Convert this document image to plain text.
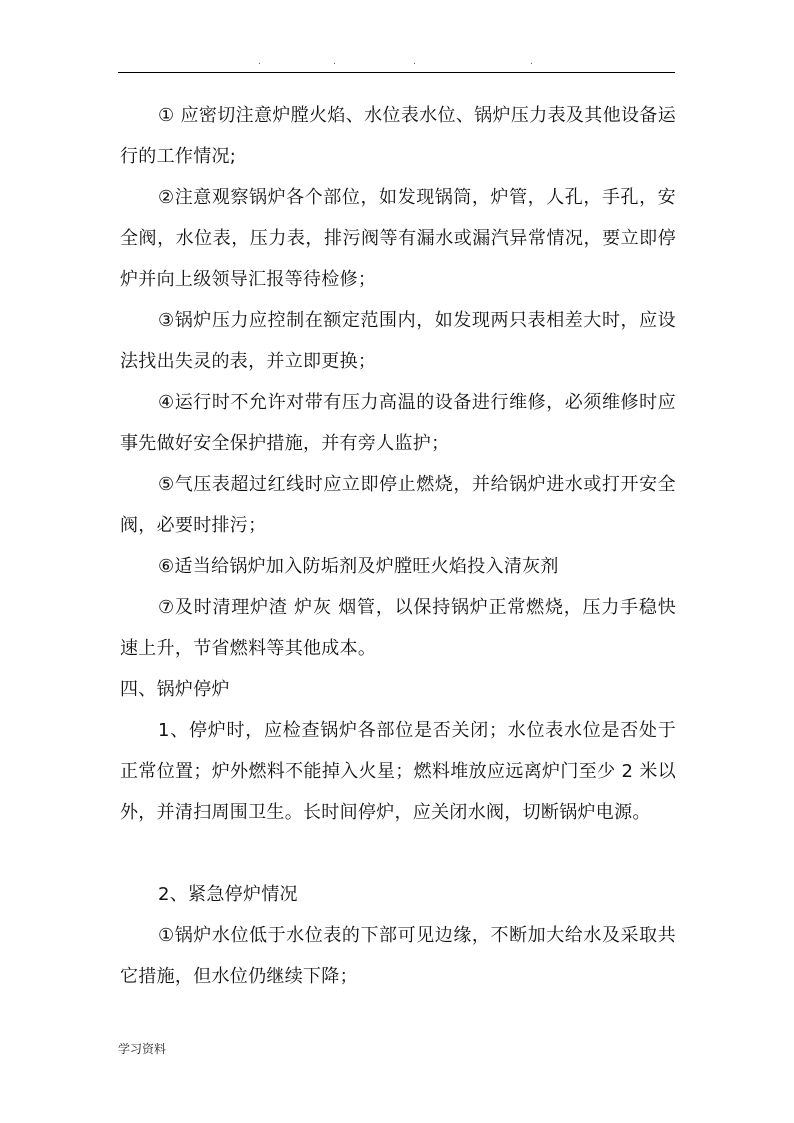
.	.	.	.

① 应密切注意炉膛火焰、水位表水位、锅炉压力表及其他设备运行的工作情况;

②注意观察锅炉各个部位，如发现锅筒，炉管，人孔，手孔，安全阀，水位表，压力表，排污阀等有漏水或漏汽异常情况，要立即停炉并向上级领导汇报等待检修；

③锅炉压力应控制在额定范围内，如发现两只表相差大时，应设法找出失灵的表，并立即更换；

④运行时不允许对带有压力高温的设备进行维修，必须维修时应事先做好安全保护措施，并有旁人监护；

⑤气压表超过红线时应立即停止燃烧，并给锅炉进水或打开安全阀，必要时排污；

⑥适当给锅炉加入防垢剂及炉膛旺火焰投入清灰剂

⑦及时清理炉渣 炉灰 烟管，以保持锅炉正常燃烧，压力手稳快速上升，节省燃料等其他成本。

四、锅炉停炉

1、停炉时，应检查锅炉各部位是否关闭；水位表水位是否处于正常位置；炉外燃料不能掉入火星；燃料堆放应远离炉门至少 2 米以外，并清扫周围卫生。长时间停炉，应关闭水阀，切断锅炉电源。

2、紧急停炉情况

①锅炉水位低于水位表的下部可见边缘，不断加大给水及采取共它措施，但水位仍继续下降；

学习资料
